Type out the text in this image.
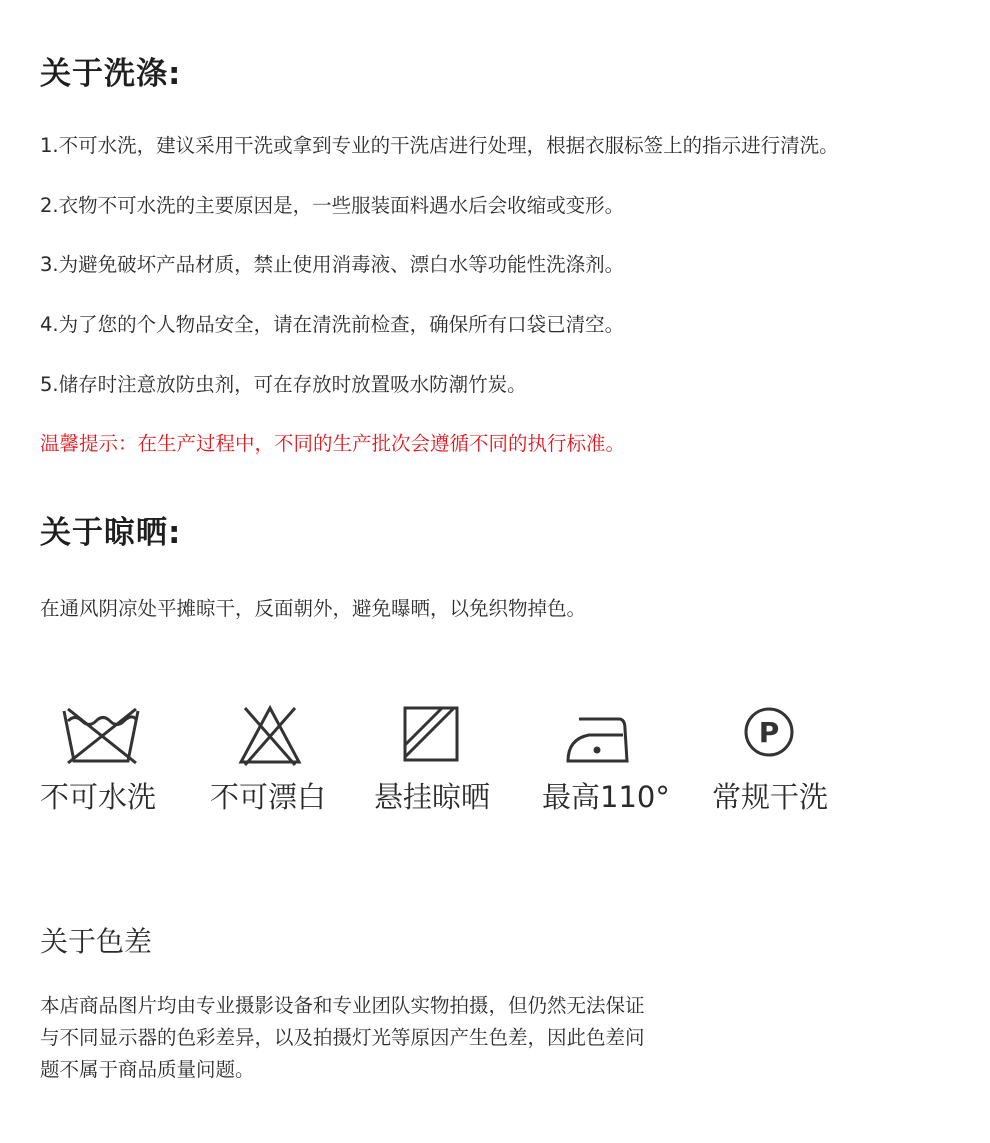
关于洗涤:

1.不可水洗，建议采用干洗或拿到专业的干洗店进行处理，根据衣服标签上的指示进行清洗。

2.衣物不可水洗的主要原因是，一些服装面料遇水后会收缩或变形。

3.为避免破坏产品材质，禁止使用消毒液、漂白水等功能性洗涤剂。

4.为了您的个人物品安全，请在清洗前检查，确保所有口袋已清空。

5.储存时注意放防虫剂，可在存放时放置吸水防潮竹炭。

温馨提示：在生产过程中，不同的生产批次会遵循不同的执行标准。

关于晾晒:

在通风阴凉处平摊晾干，反面朝外，避免曝晒，以免织物掉色。

不可水洗 不可漂白 悬挂晾晒 最高110°
P
常规干洗
关于色差

本店商品图片均由专业摄影设备和专业团队实物拍摄，但仍然无法保证

与不同显示器的色彩差异，以及拍摄灯光等原因产生色差，因此色差问

题不属于商品质量问题。
